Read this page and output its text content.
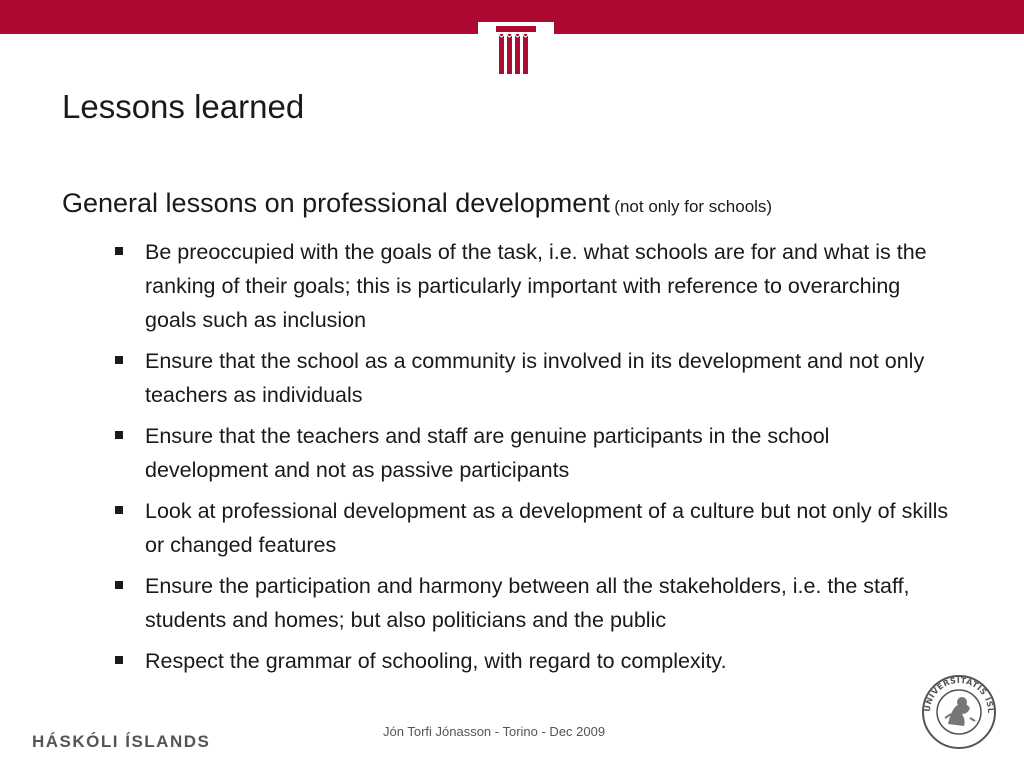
Lessons learned
General lessons on professional development (not only for schools)
Be preoccupied with the goals of the task, i.e. what schools are for and what is the ranking of their goals; this is particularly important with reference to overarching goals such as inclusion
Ensure that the school as a community is involved in its development and not only teachers as individuals
Ensure that the teachers and staff are genuine participants in the school development and not as passive participants
Look at professional development as a development of a culture but not only of skills or changed features
Ensure the participation and harmony between all the stakeholders, i.e. the staff, students and homes; but also politicians and the public
Respect the grammar of schooling, with regard to complexity.
Jón Torfi Jónasson - Torino - Dec 2009
HÁSKÓLI ÍSLANDS
UNIVERSITATIS ISL
